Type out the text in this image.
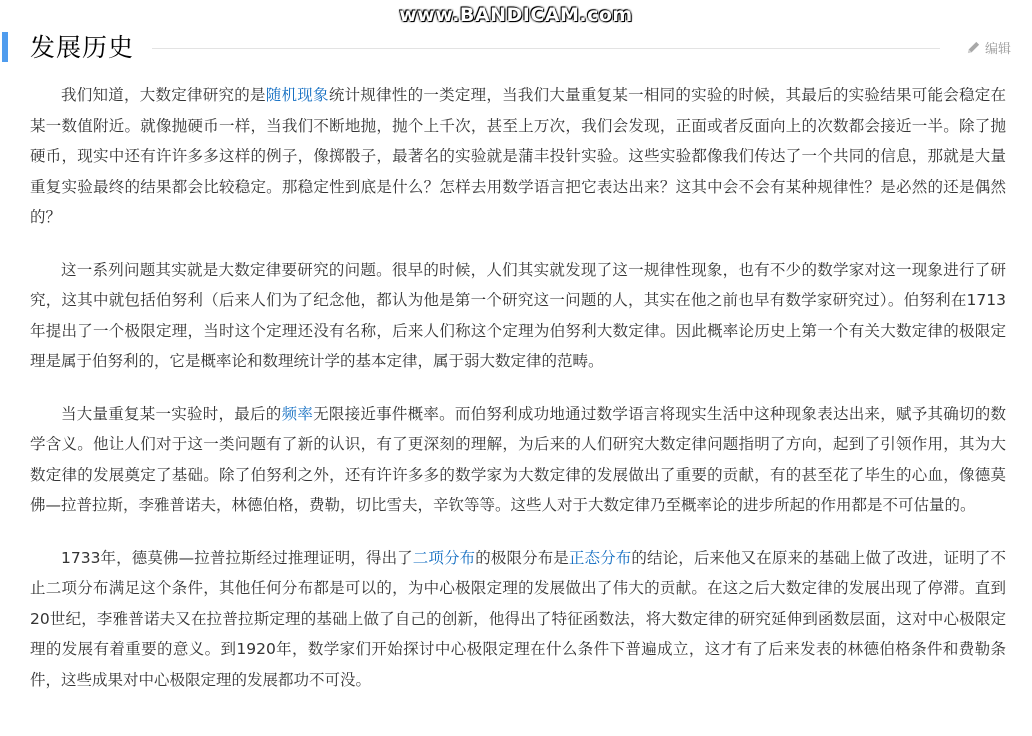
www.BANDICAM.com
发展历史	编辑

我们知道，大数定律研究的是随机现象统计规律性的一类定理，当我们大量重复某一相同的实验的时候，其最后的实验结果可能会稳定在某一数值附近。就像抛硬币一样，当我们不断地抛，抛个上千次，甚至上万次，我们会发现，正面或者反面向上的次数都会接近一半。除了抛硬币，现实中还有许许多多这样的例子，像掷骰子，最著名的实验就是蒲丰投针实验。这些实验都像我们传达了一个共同的信息，那就是大量重复实验最终的结果都会比较稳定。那稳定性到底是什么？怎样去用数学语言把它表达出来？这其中会不会有某种规律性？是必然的还是偶然的？

这一系列问题其实就是大数定律要研究的问题。很早的时候，人们其实就发现了这一规律性现象，也有不少的数学家对这一现象进行了研究，这其中就包括伯努利（后来人们为了纪念他，都认为他是第一个研究这一问题的人，其实在他之前也早有数学家研究过）。伯努利在1713年提出了一个极限定理，当时这个定理还没有名称，后来人们称这个定理为伯努利大数定律。因此概率论历史上第一个有关大数定律的极限定理是属于伯努利的，它是概率论和数理统计学的基本定律，属于弱大数定律的范畴。

当大量重复某一实验时，最后的频率无限接近事件概率。而伯努利成功地通过数学语言将现实生活中这种现象表达出来，赋予其确切的数学含义。他让人们对于这一类问题有了新的认识，有了更深刻的理解，为后来的人们研究大数定律问题指明了方向，起到了引领作用，其为大数定律的发展奠定了基础。除了伯努利之外，还有许许多多的数学家为大数定律的发展做出了重要的贡献，有的甚至花了毕生的心血，像德莫佛—拉普拉斯，李雅普诺夫，林德伯格，费勒，切比雪夫，辛钦等等。这些人对于大数定律乃至概率论的进步所起的作用都是不可估量的。

1733年，德莫佛—拉普拉斯经过推理证明，得出了二项分布的极限分布是正态分布的结论，后来他又在原来的基础上做了改进，证明了不止二项分布满足这个条件，其他任何分布都是可以的，为中心极限定理的发展做出了伟大的贡献。在这之后大数定律的发展出现了停滞。直到20世纪，李雅普诺夫又在拉普拉斯定理的基础上做了自己的创新，他得出了特征函数法，将大数定律的研究延伸到函数层面，这对中心极限定理的发展有着重要的意义。到1920年，数学家们开始探讨中心极限定理在什么条件下普遍成立，这才有了后来发表的林德伯格条件和费勒条件，这些成果对中心极限定理的发展都功不可没。
